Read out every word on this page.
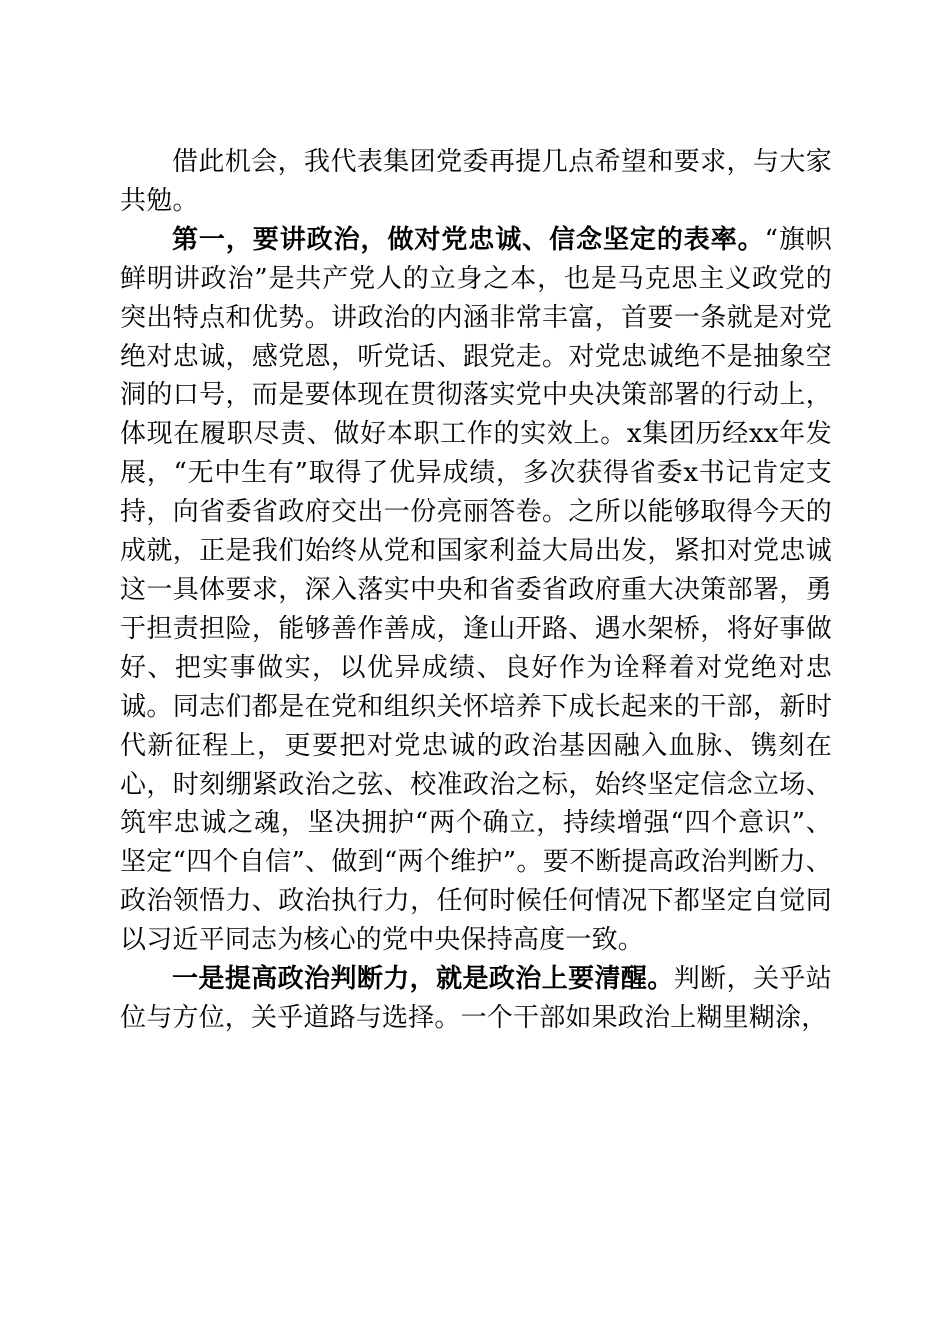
借此机会，我代表集团党委再提几点希望和要求，与大家共勉。

第一，要讲政治，做对党忠诚、信念坚定的表率。“旗帜鲜明讲政治”是共产党人的立身之本，也是马克思主义政党的突出特点和优势。讲政治的内涵非常丰富，首要一条就是对党绝对忠诚，感党恩，听党话、跟党走。对党忠诚绝不是抽象空洞的口号，而是要体现在贯彻落实党中央决策部署的行动上，体现在履职尽责、做好本职工作的实效上。x集团历经xx年发展，“无中生有”取得了优异成绩，多次获得省委x书记肯定支持，向省委省政府交出一份亮丽答卷。之所以能够取得今天的成就，正是我们始终从党和国家利益大局出发，紧扣对党忠诚这一具体要求，深入落实中央和省委省政府重大决策部署，勇于担责担险，能够善作善成，逢山开路、遇水架桥，将好事做好、把实事做实，以优异成绩、良好作为诠释着对党绝对忠诚。同志们都是在党和组织关怀培养下成长起来的干部，新时代新征程上，更要把对党忠诚的政治基因融入血脉、镌刻在心，时刻绷紧政治之弦、校准政治之标，始终坚定信念立场、筑牢忠诚之魂，坚决拥护“两个确立，持续增强“四个意识”、坚定“四个自信”、做到“两个维护”。要不断提高政治判断力、政治领悟力、政治执行力，任何时候任何情况下都坚定自觉同以习近平同志为核心的党中央保持高度一致。

一是提高政治判断力，就是政治上要清醒。判断，关乎站位与方位，关乎道路与选择。一个干部如果政治上糊里糊涂，
